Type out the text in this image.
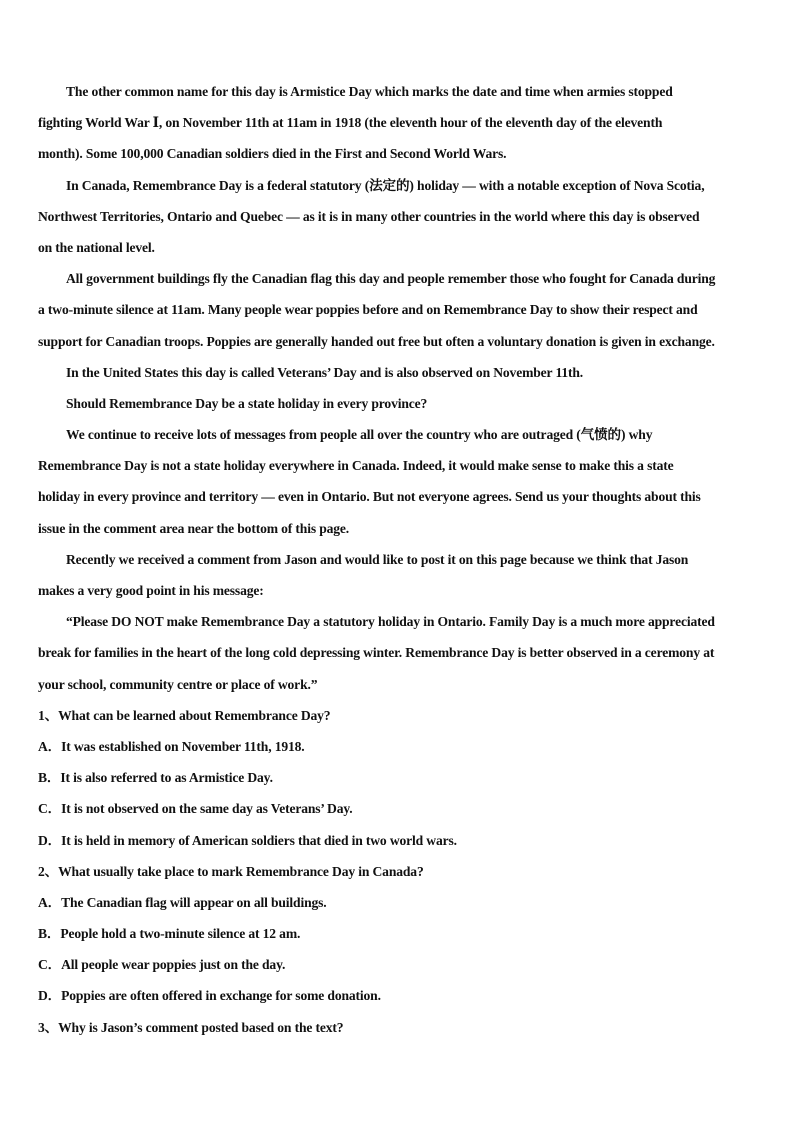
The other common name for this day is Armistice Day which marks the date and time when armies stopped
fighting World War Ⅰ, on November 11th at 11am in 1918 (the eleventh hour of the eleventh day of the eleventh
month). Some 100,000 Canadian soldiers died in the First and Second World Wars.
In Canada, Remembrance Day is a federal statutory (法定的) holiday — with a notable exception of Nova Scotia,
Northwest Territories, Ontario and Quebec — as it is in many other countries in the world where this day is observed
on the national level.
All government buildings fly the Canadian flag this day and people remember those who fought for Canada during
a two-minute silence at 11am. Many people wear poppies before and on Remembrance Day to show their respect and
support for Canadian troops. Poppies are generally handed out free but often a voluntary donation is given in exchange.
In the United States this day is called Veterans’ Day and is also observed on November 11th.
Should Remembrance Day be a state holiday in every province?
We continue to receive lots of messages from people all over the country who are outraged (气愤的) why
Remembrance Day is not a state holiday everywhere in Canada. Indeed, it would make sense to make this a state
holiday in every province and territory — even in Ontario. But not everyone agrees. Send us your thoughts about this
issue in the comment area near the bottom of this page.
Recently we received a comment from Jason and would like to post it on this page because we think that Jason
makes a very good point in his message:
“Please DO NOT make Remembrance Day a statutory holiday in Ontario. Family Day is a much more appreciated
break for families in the heart of the long cold depressing winter. Remembrance Day is better observed in a ceremony at
your school, community centre or place of work.”
1、What can be learned about Remembrance Day?
A．It was established on November 11th, 1918.
B．It is also referred to as Armistice Day.
C．It is not observed on the same day as Veterans’ Day.
D．It is held in memory of American soldiers that died in two world wars.
2、What usually take place to mark Remembrance Day in Canada?
A．The Canadian flag will appear on all buildings.
B．People hold a two-minute silence at 12 am.
C．All people wear poppies just on the day.
D．Poppies are often offered in exchange for some donation.
3、Why is Jason’s comment posted based on the text?
